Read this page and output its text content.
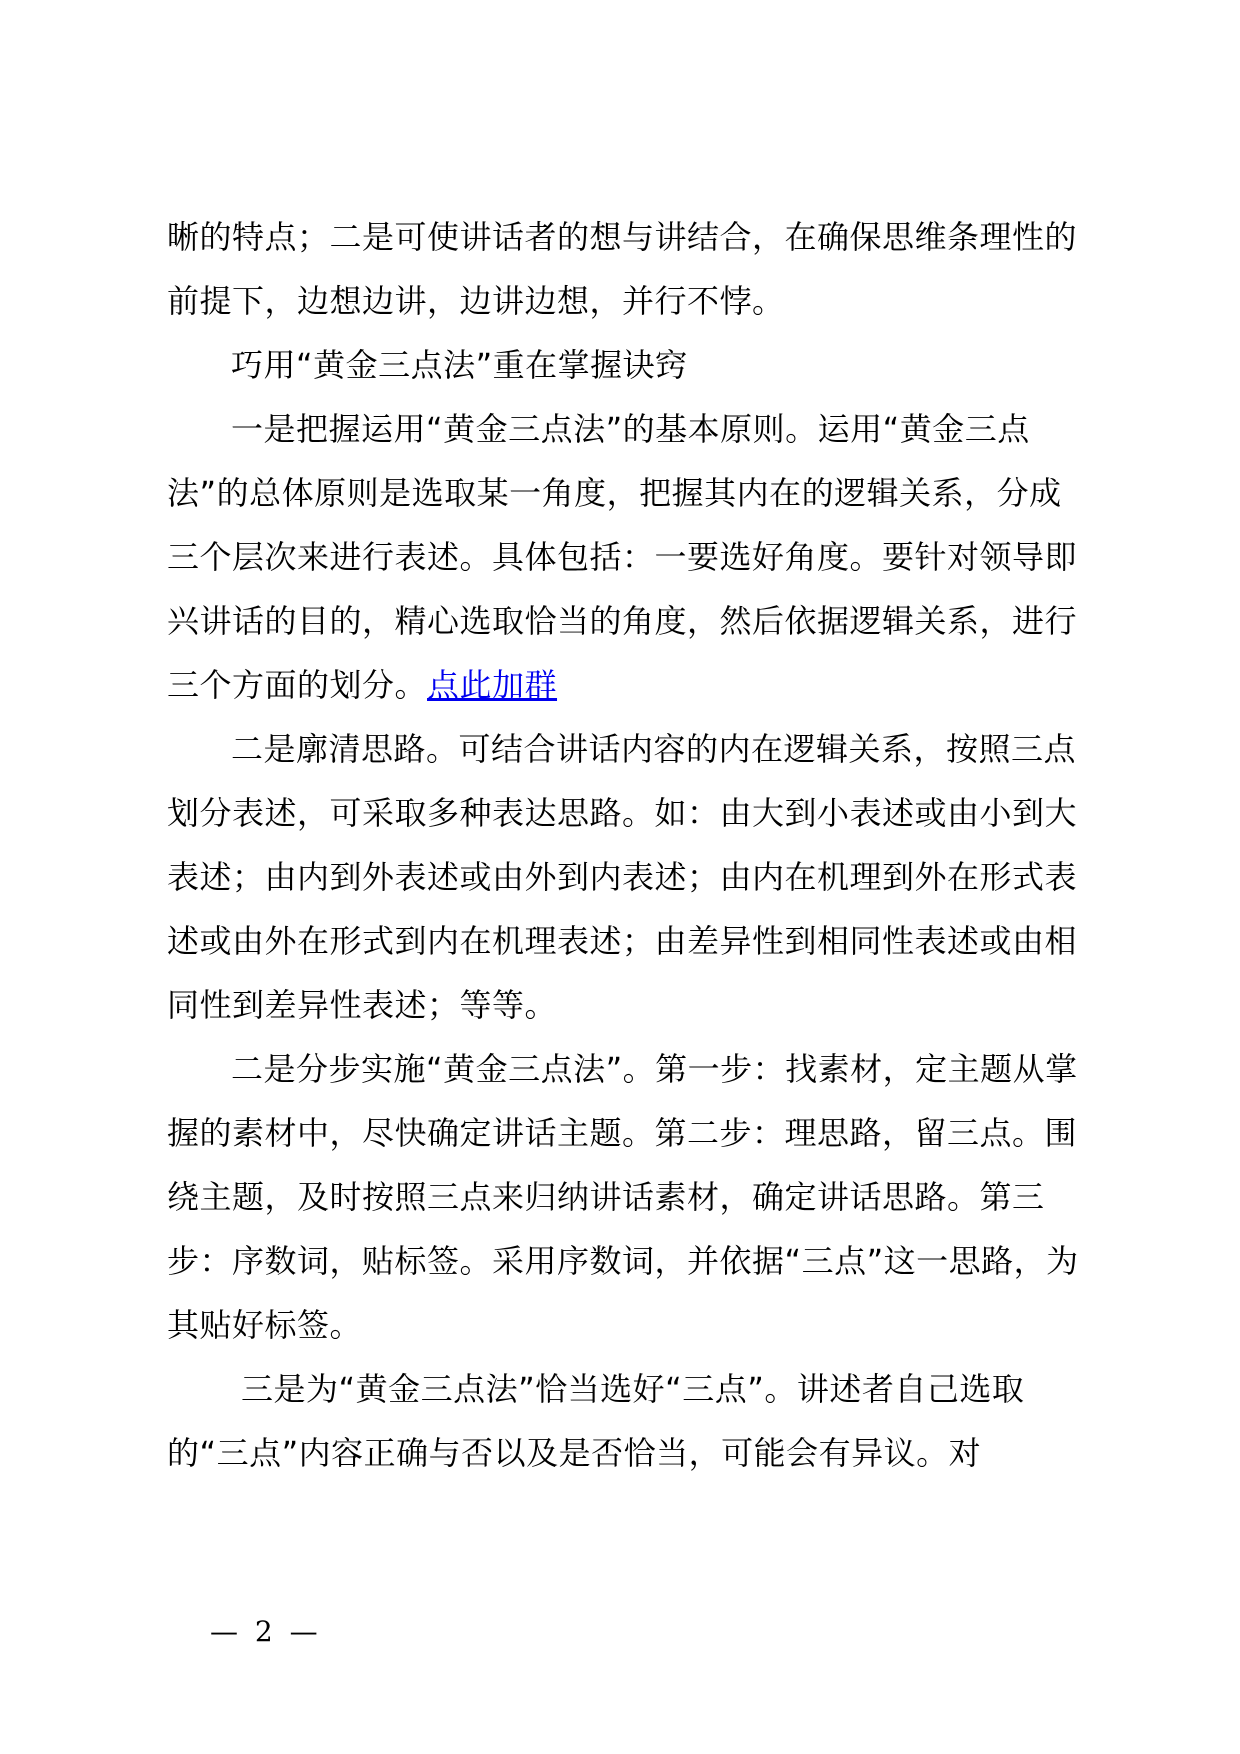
晰的特点；二是可使讲话者的想与讲结合，在确保思维条理性的前提下，边想边讲，边讲边想，并行不悖。

巧用“黄金三点法”重在掌握诀窍

一是把握运用“黄金三点法”的基本原则。运用“黄金三点法”的总体原则是选取某一角度，把握其内在的逻辑关系，分成三个层次来进行表述。具体包括：一要选好角度。要针对领导即兴讲话的目的，精心选取恰当的角度，然后依据逻辑关系，进行三个方面的划分。点此加群

二是廓清思路。可结合讲话内容的内在逻辑关系，按照三点划分表述，可采取多种表达思路。如：由大到小表述或由小到大表述；由内到外表述或由外到内表述；由内在机理到外在形式表述或由外在形式到内在机理表述；由差异性到相同性表述或由相同性到差异性表述；等等。

二是分步实施“黄金三点法”。第一步：找素材，定主题从掌握的素材中，尽快确定讲话主题。第二步：理思路，留三点。围绕主题，及时按照三点来归纳讲话素材，确定讲话思路。第三步：序数词，贴标签。采用序数词，并依据“三点”这一思路，为其贴好标签。

三是为“黄金三点法”恰当选好“三点”。讲述者自己选取的“三点”内容正确与否以及是否恰当，可能会有异议。对

— 2 —
